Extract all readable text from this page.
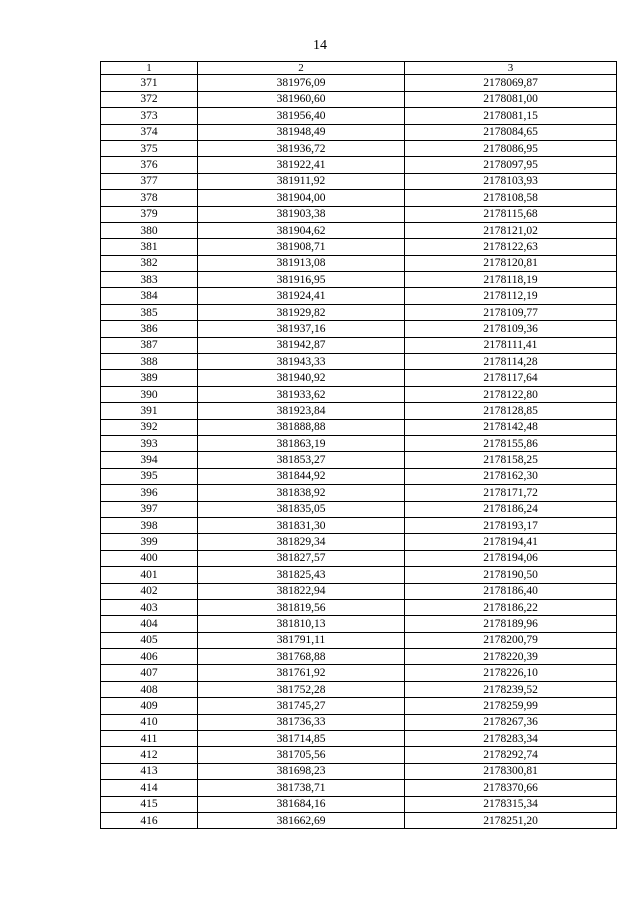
14
1	2	3
371	381976,09	2178069,87
372	381960,60	2178081,00
373	381956,40	2178081,15
374	381948,49	2178084,65
375	381936,72	2178086,95
376	381922,41	2178097,95
377	381911,92	2178103,93
378	381904,00	2178108,58
379	381903,38	2178115,68
380	381904,62	2178121,02
381	381908,71	2178122,63
382	381913,08	2178120,81
383	381916,95	2178118,19
384	381924,41	2178112,19
385	381929,82	2178109,77
386	381937,16	2178109,36
387	381942,87	2178111,41
388	381943,33	2178114,28
389	381940,92	2178117,64
390	381933,62	2178122,80
391	381923,84	2178128,85
392	381888,88	2178142,48
393	381863,19	2178155,86
394	381853,27	2178158,25
395	381844,92	2178162,30
396	381838,92	2178171,72
397	381835,05	2178186,24
398	381831,30	2178193,17
399	381829,34	2178194,41
400	381827,57	2178194,06
401	381825,43	2178190,50
402	381822,94	2178186,40
403	381819,56	2178186,22
404	381810,13	2178189,96
405	381791,11	2178200,79
406	381768,88	2178220,39
407	381761,92	2178226,10
408	381752,28	2178239,52
409	381745,27	2178259,99
410	381736,33	2178267,36
411	381714,85	2178283,34
412	381705,56	2178292,74
413	381698,23	2178300,81
414	381738,71	2178370,66
415	381684,16	2178315,34
416	381662,69	2178251,20
